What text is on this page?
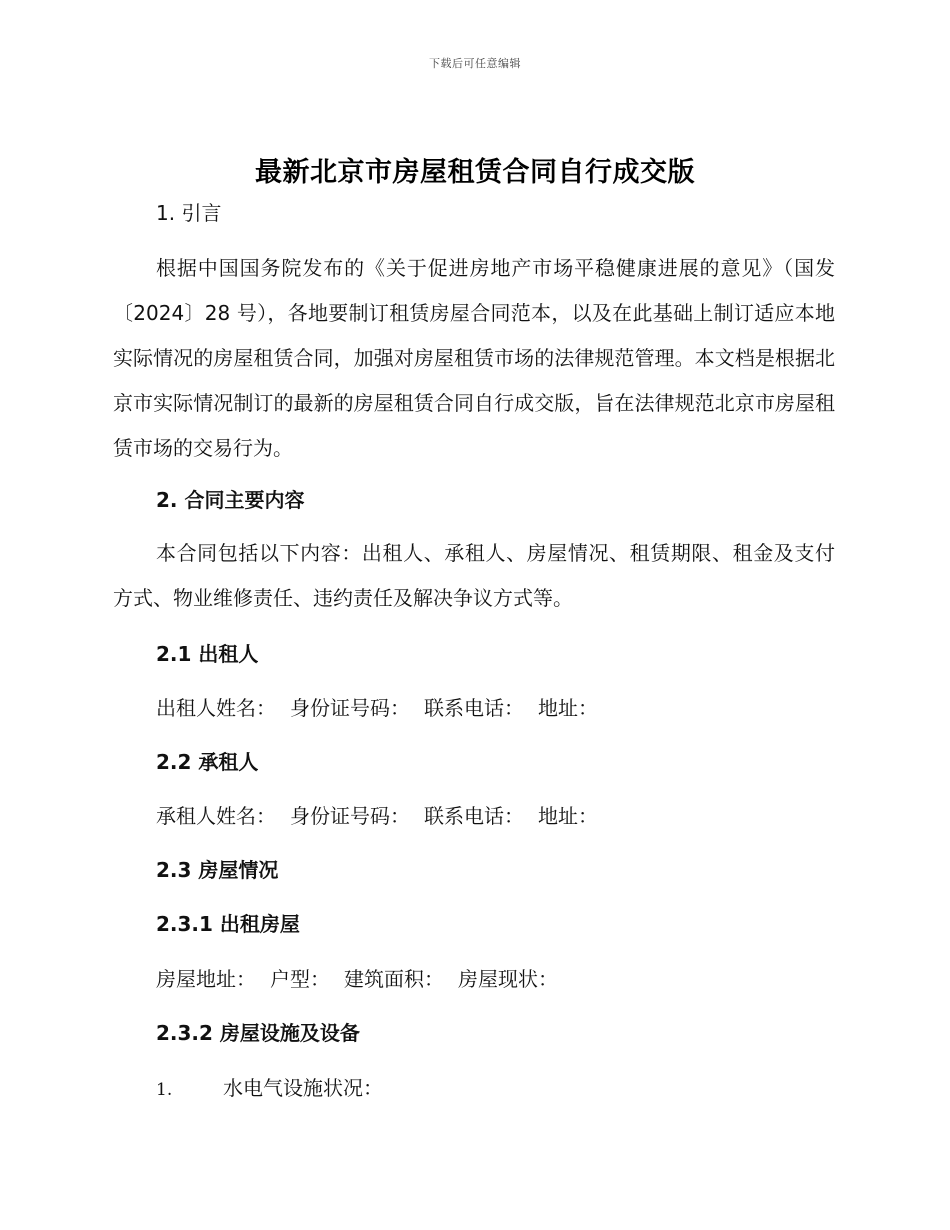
下载后可任意编辑
最新北京市房屋租赁合同自行成交版
1. 引言
根据中国国务院发布的《关于促进房地产市场平稳健康进展的意见》（国发〔2024〕28 号），各地要制订租赁房屋合同范本，以及在此基础上制订适应本地实际情况的房屋租赁合同，加强对房屋租赁市场的法律规范管理。本文档是根据北京市实际情况制订的最新的房屋租赁合同自行成交版，旨在法律规范北京市房屋租赁市场的交易行为。
2. 合同主要内容
本合同包括以下内容：出租人、承租人、房屋情况、租赁期限、租金及支付方式、物业维修责任、违约责任及解决争议方式等。
2.1 出租人
出租人姓名： 身份证号码： 联系电话： 地址：
2.2 承租人
承租人姓名： 身份证号码： 联系电话： 地址：
2.3 房屋情况
2.3.1 出租房屋
房屋地址： 户型： 建筑面积： 房屋现状：
2.3.2 房屋设施及设备
1.	水电气设施状况：
